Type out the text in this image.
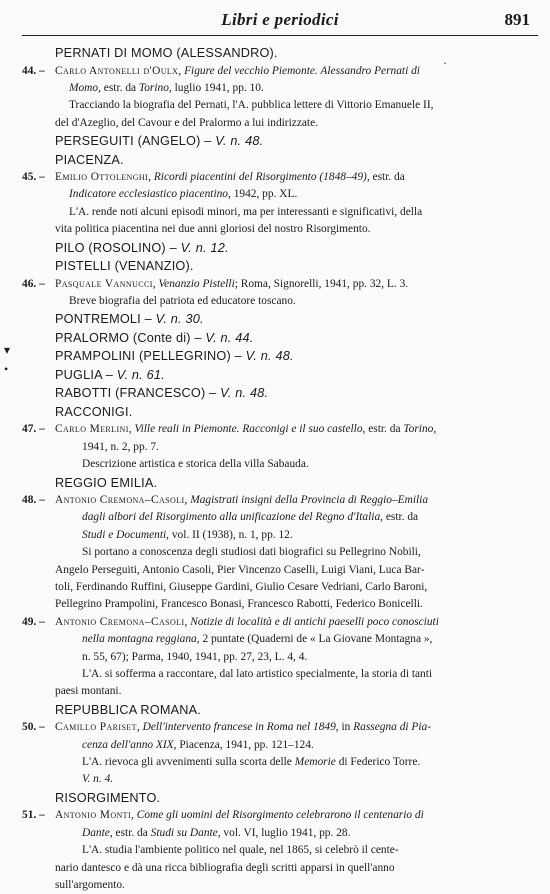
Libri e periodici	891
·
▾
•
PERNATI DI MOMO (ALESSANDRO).
44. – Carlo Antonelli d'Oulx, Figure del vecchio Piemonte. Alessandro Pernati di
Momo, estr. da Torino, luglio 1941, pp. 10.
Tracciando la biografia del Pernati, l'A. pubblica lettere di Vittorio Emanuele II,
del d'Azeglio, del Cavour e del Pralormo a lui indirizzate.
PERSEGUITI (ANGELO) – V. n. 48.
PIACENZA.
45. – Emilio Ottolenghi, Ricordi piacentini del Risorgimento (1848–49), estr. da
Indicatore ecclesiastico piacentino, 1942, pp. XL.
L'A. rende noti alcuni episodi minori, ma per interessanti e significativi, della
vita politica piacentina nei due anni gloriosi del nostro Risorgimento.
PILO (ROSOLINO) – V. n. 12.
PISTELLI (VENANZIO).
46. – Pasquale Vannucci, Venanzio Pistelli; Roma, Signorelli, 1941, pp. 32, L. 3.
Breve biografia del patriota ed educatore toscano.
PONTREMOLI – V. n. 30.
PRALORMO (Conte di) – V. n. 44.
PRAMPOLINI (PELLEGRINO) – V. n. 48.
PUGLIA – V. n. 61.
RABOTTI (FRANCESCO) – V. n. 48.
RACCONIGI.
47. – Carlo Merlini, Ville reali in Piemonte. Racconigi e il suo castello, estr. da Torino,
1941, n. 2, pp. 7.
Descrizione artistica e storica della villa Sabauda.
REGGIO EMILIA.
48. – Antonio Cremona–Casoli, Magistrati insigni della Provincia di Reggio–Emilia
dagli albori del Risorgimento alla unificazione del Regno d'Italia, estr. da
Studi e Documenti, vol. II (1938), n. 1, pp. 12.
Si portano a conoscenza degli studiosi dati biografici su Pellegrino Nobili,
Angelo Perseguiti, Antonio Casoli, Pier Vincenzo Caselli, Luigi Viani, Luca Bar-
toli, Ferdinando Ruffini, Giuseppe Gardini, Giulio Cesare Vedriani, Carlo Baroni,
Pellegrino Prampolini, Francesco Bonasi, Francesco Rabotti, Federico Bonicelli.
49. – Antonio Cremona–Casoli, Notizie di località e di antichi paeselli poco conosciuti
nella montagna reggiana, 2 puntate (Quaderni de « La Giovane Montagna »,
n. 55, 67); Parma, 1940, 1941, pp. 27, 23, L. 4, 4.
L'A. si sofferma a raccontare, dal lato artistico specialmente, la storia di tanti
paesi montani.
REPUBBLICA ROMANA.
50. – Camillo Pariset, Dell'intervento francese in Roma nel 1849, in Rassegna di Pia-
cenza dell'anno XIX, Piacenza, 1941, pp. 121–124.
L'A. rievoca gli avvenimenti sulla scorta delle Memorie di Federico Torre.
V. n. 4.
RISORGIMENTO.
51. – Antonio Monti, Come gli uomini del Risorgimento celebrarono il centenario di
Dante, estr. da Studi su Dante, vol. VI, luglio 1941, pp. 28.
L'A. studia l'ambiente politico nel quale, nel 1865, si celebrò il cente-
nario dantesco e dà una ricca bibliografia degli scritti apparsi in quell'anno
sull'argomento.
